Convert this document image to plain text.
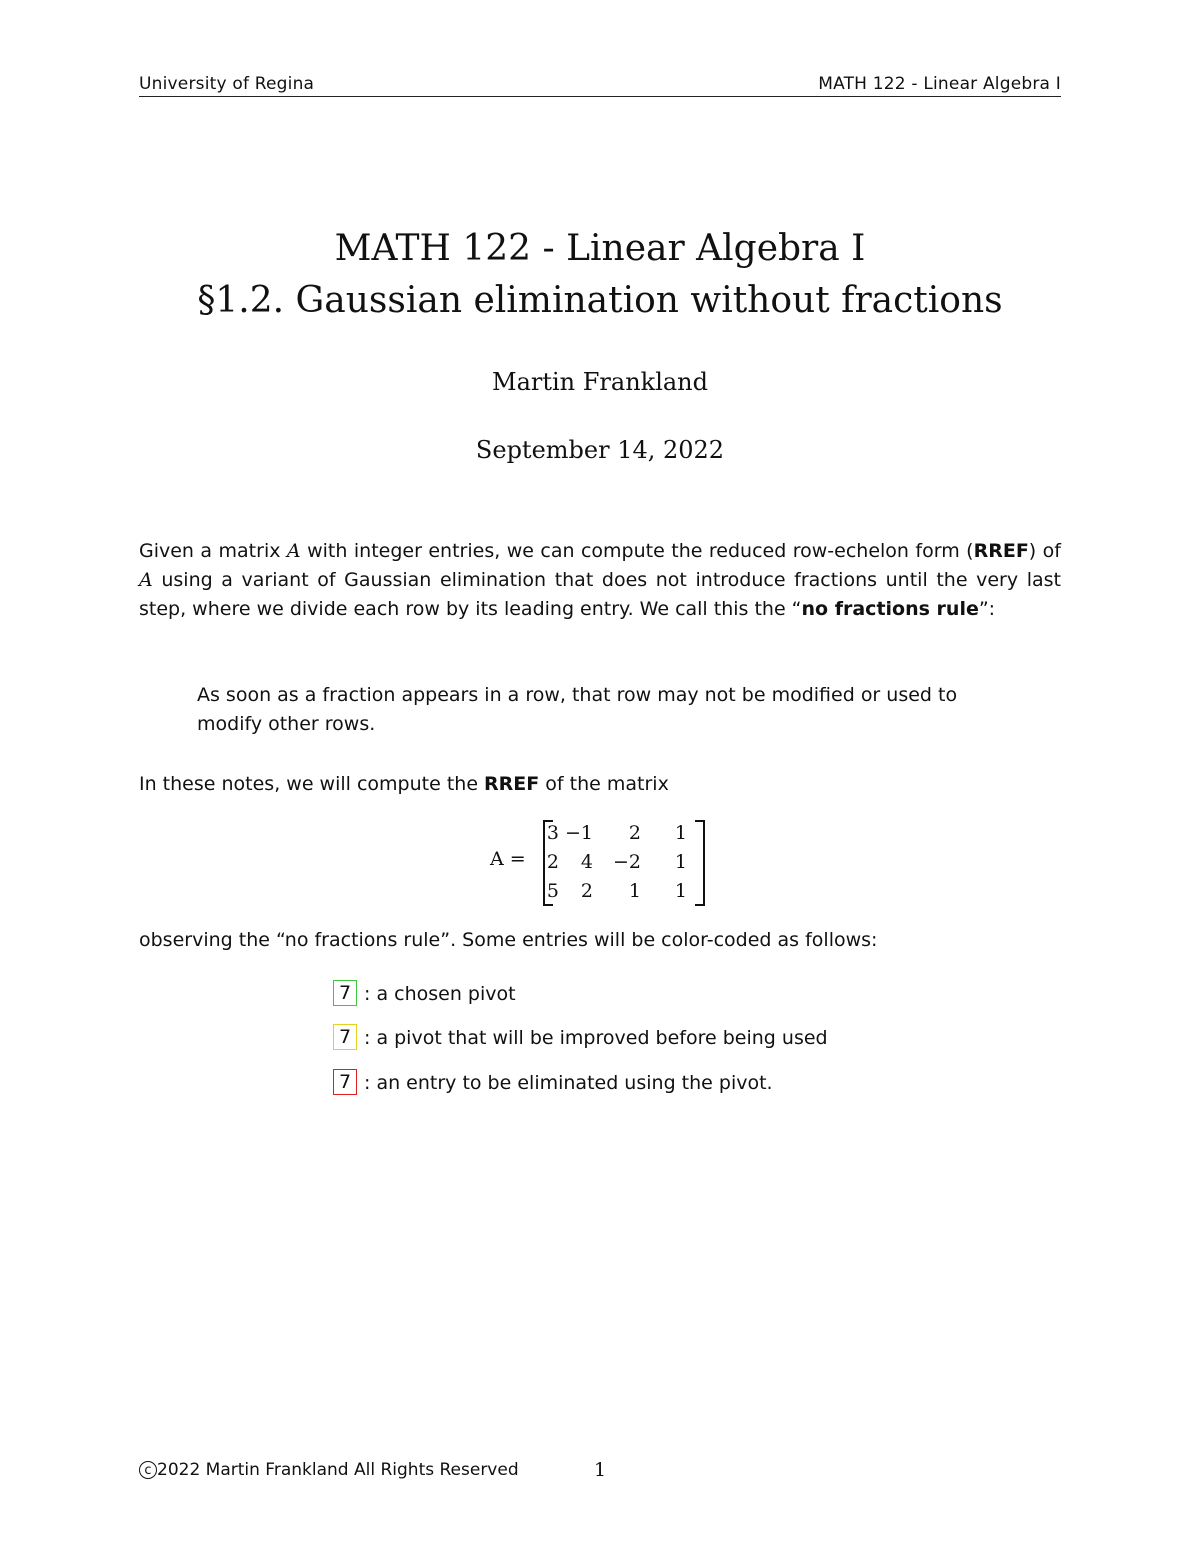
University of Regina	MATH 122 - Linear Algebra I
MATH 122 - Linear Algebra I
§1.2. Gaussian elimination without fractions
Martin Frankland
September 14, 2022
Given a matrix A with integer entries, we can compute the reduced row-echelon form (RREF) of A using a variant of Gaussian elimination that does not introduce fractions until the very last step, where we divide each row by its leading entry. We call this the “no fractions rule”:
As soon as a fraction appears in a row, that row may not be modified or used to modify other rows.
In these notes, we will compute the RREF of the matrix
A =
3 −1	2	1
2	4	−2	1
5	2	1	1
observing the “no fractions rule”. Some entries will be color-coded as follows:
7 : a chosen pivot
7 : a pivot that will be improved before being used
7 : an entry to be eliminated using the pivot.
c 2022 Martin Frankland All Rights Reserved	1
